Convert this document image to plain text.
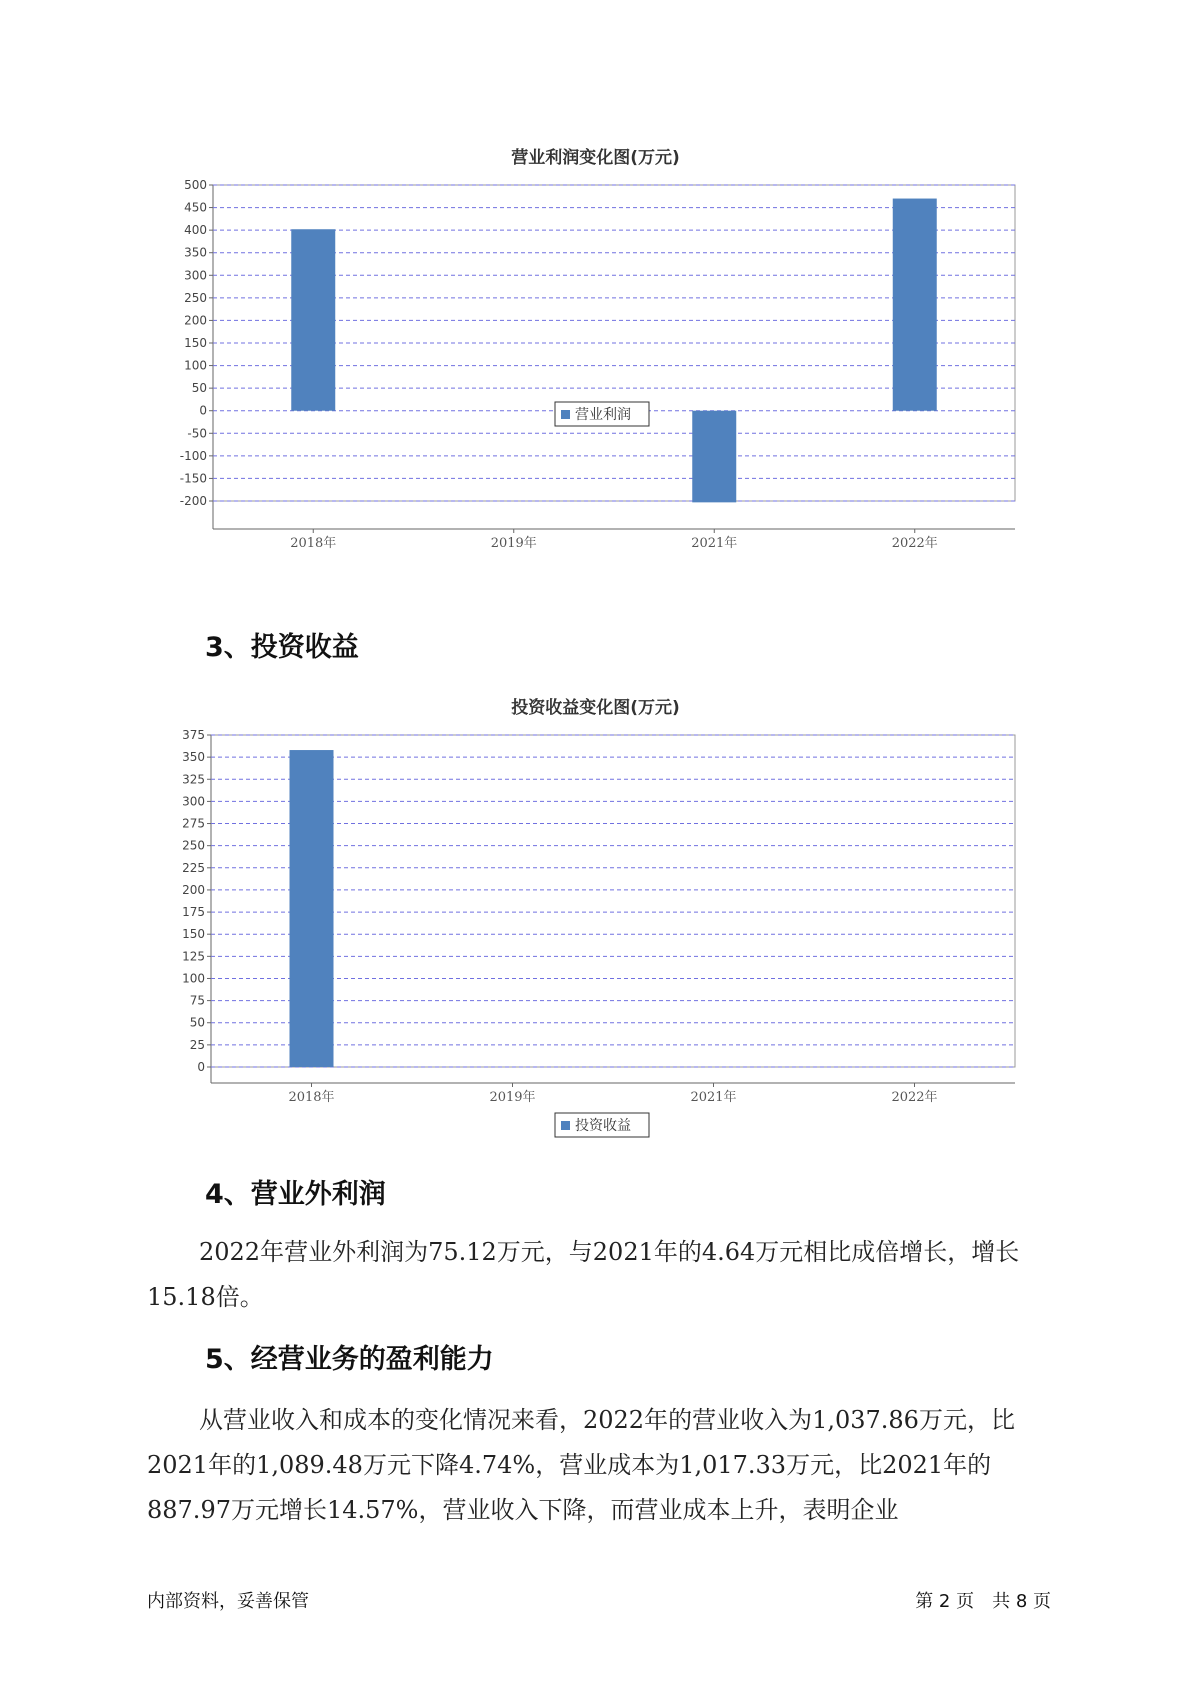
营业利润变化图(万元)
500
450
400
350
300
250
200
150
100
50
0
-50
-100
-150
-200
2018年	2019年	2021年	2022年
营业利润
3、投资收益
投资收益变化图(万元)
375
350
325
300
275
250
225
200
175
150
125
100
75
50
25
0
2018年	2019年	2021年	2022年
投资收益
4、营业外利润

2022年营业外利润为75.12万元，与2021年的4.64万元相比成倍增长，增长15.18倍。

5、经营业务的盈利能力

从营业收入和成本的变化情况来看，2022年的营业收入为1,037.86万元，比2021年的1,089.48万元下降4.74%，营业成本为1,017.33万元，比2021年的887.97万元增长14.57%，营业收入下降，而营业成本上升，表明企业

内部资料，妥善保管	第 2 页　共 8 页
